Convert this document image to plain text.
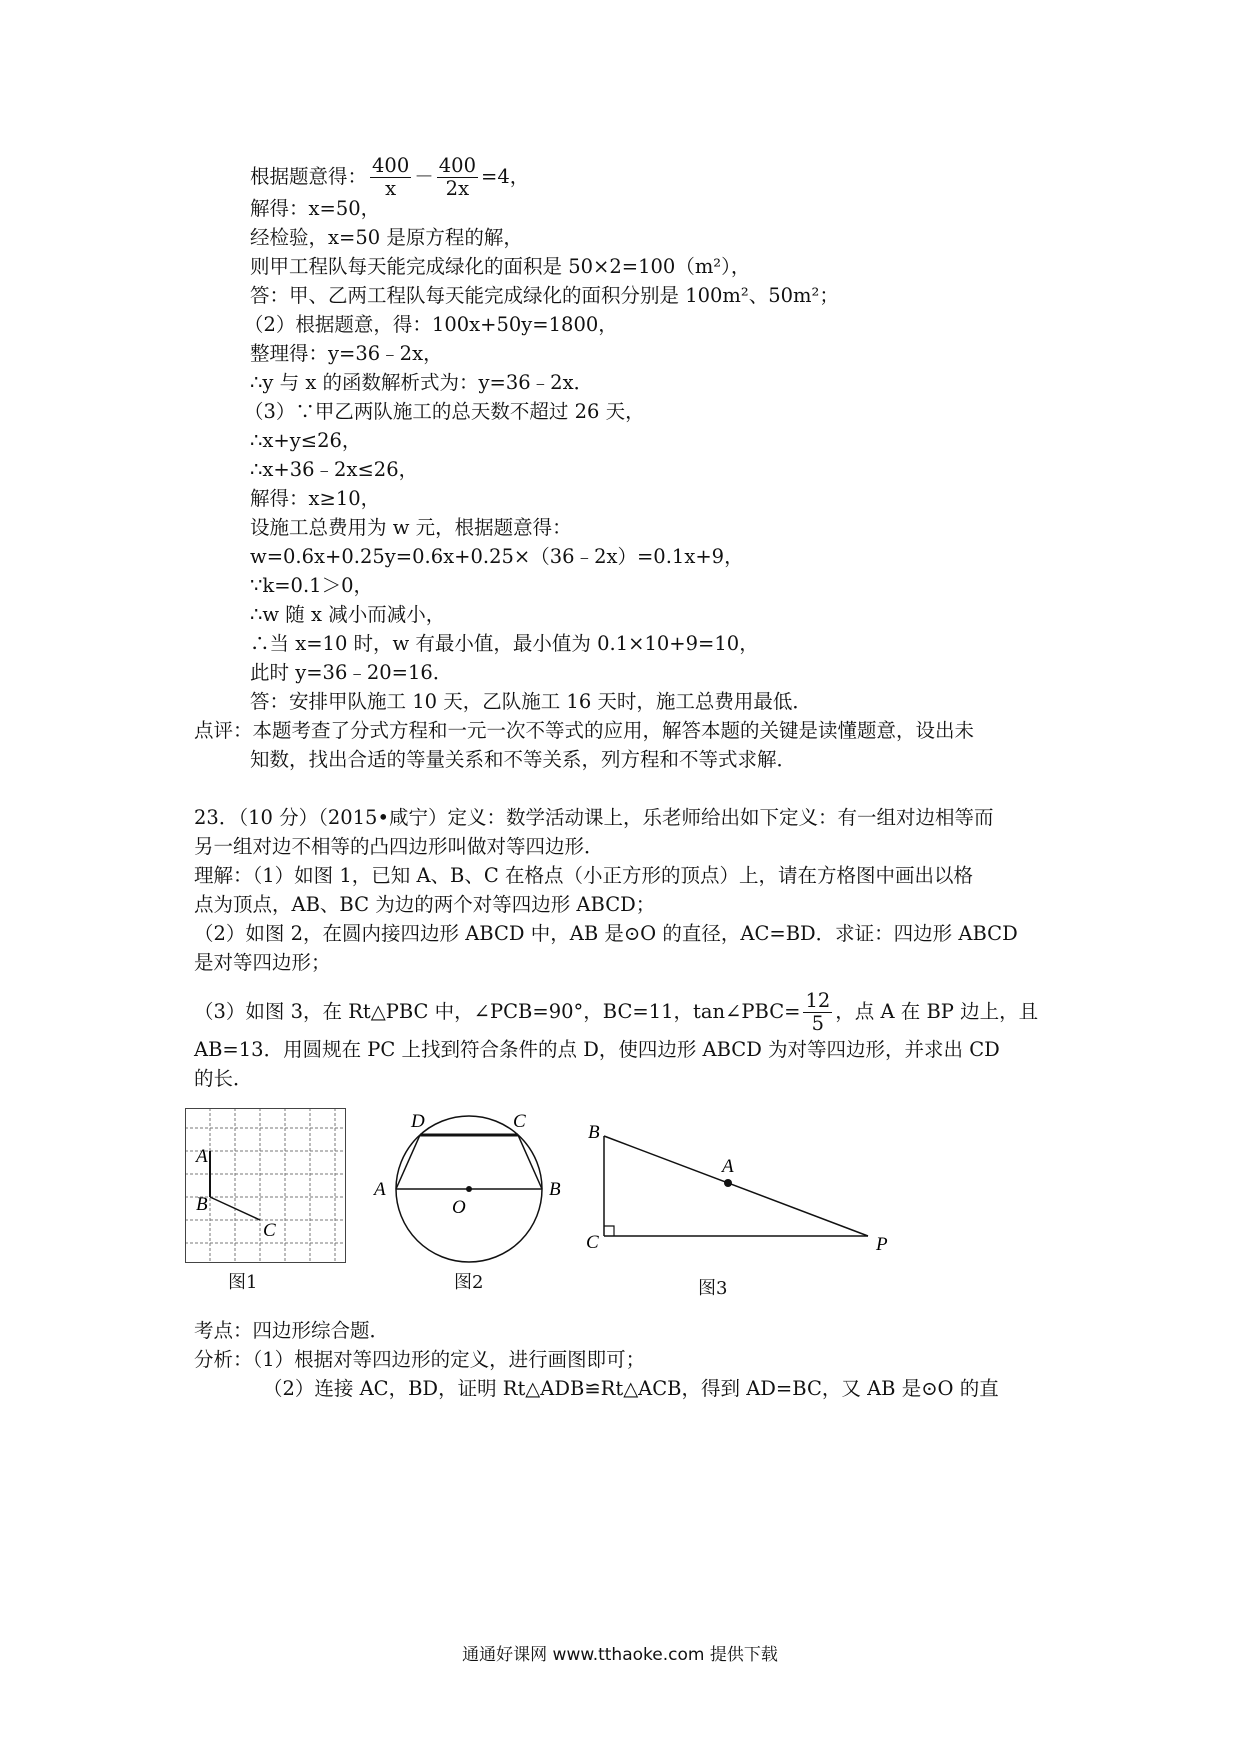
根据题意得： $\frac{400}{x} - \frac{400}{2x} =4$，
解得：x=50，
经检验，x=50 是原方程的解，
则甲工程队每天能完成绿化的面积是 50×2=100（m²），
答：甲、乙两工程队每天能完成绿化的面积分别是 100m²、50m²；
（2）根据题意，得：100x+50y=1800，
整理得：y=36﹣2x，
∴y 与 x 的函数解析式为：y=36﹣2x．
（3）∵甲乙两队施工的总天数不超过 26 天，
∴x+y≤26，
∴x+36﹣2x≤26，
解得：x≥10，
设施工总费用为 w 元，根据题意得：
w=0.6x+0.25y=0.6x+0.25×（36﹣2x）=0.1x+9，
∵k=0.1＞0，
∴w 随 x 减小而减小，
∴当 x=10 时，w 有最小值，最小值为 0.1×10+9=10，
此时 y=36﹣20=16．
答：安排甲队施工 10 天，乙队施工 16 天时，施工总费用最低．
点评：本题考查了分式方程和一元一次不等式的应用，解答本题的关键是读懂题意，设出未
知数，找出合适的等量关系和不等关系，列方程和不等式求解．
23．（10 分）（2015•咸宁）定义：数学活动课上，乐老师给出如下定义：有一组对边相等而
另一组对边不相等的凸四边形叫做对等四边形．
理解：（1）如图 1，已知 A、B、C 在格点（小正方形的顶点）上，请在方格图中画出以格
点为顶点，AB、BC 为边的两个对等四边形 ABCD；
（2）如图 2，在圆内接四边形 ABCD 中，AB 是⊙O 的直径，AC=BD．求证：四边形 ABCD
是对等四边形；
（3）如图 3，在 Rt△PBC 中，∠PCB=90°，BC=11，tan∠PBC= $\frac{12}{5}$ ，点 A 在 BP 边上，且
AB=13．用圆规在 PC 上找到符合条件的点 D，使四边形 ABCD 为对等四边形，并求出 CD
的长．
A
B
C
图1
D	C
A	B
O
图2
B
A
C	P
图3
考点：四边形综合题．
分析：（1）根据对等四边形的定义，进行画图即可；
（2）连接 AC，BD，证明 Rt△ADB≌Rt△ACB，得到 AD=BC，又 AB 是⊙O 的直
通通好课网 www.tthaoke.com 提供下载
